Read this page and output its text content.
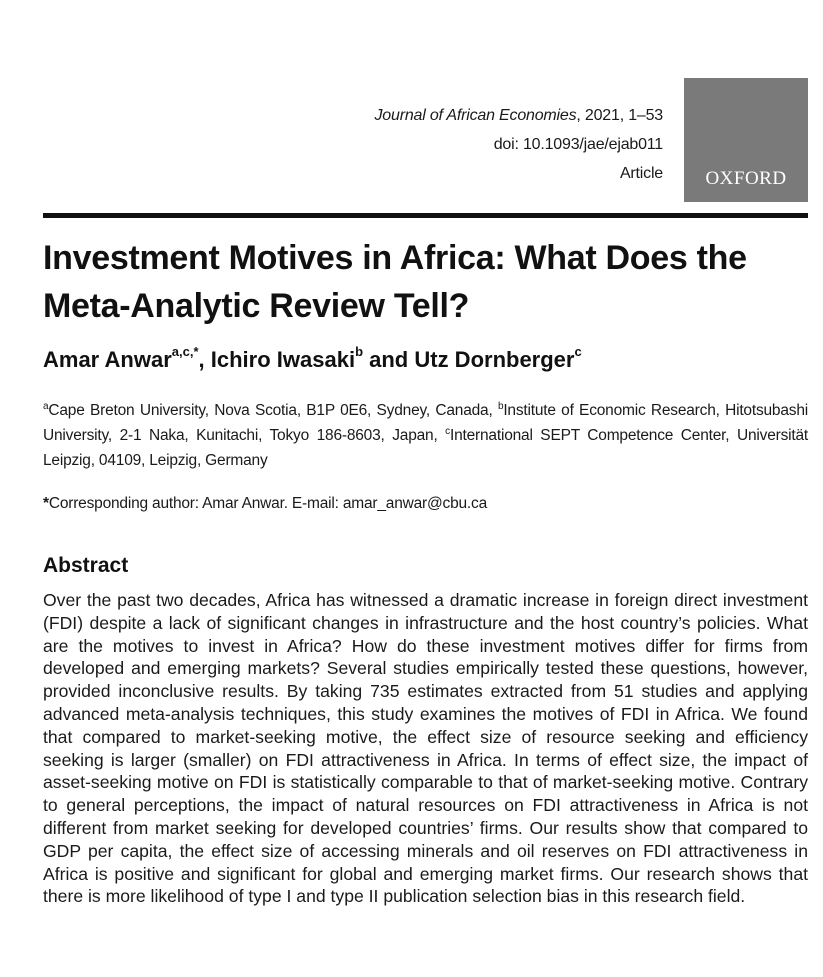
Journal of African Economies, 2021, 1–53
doi: 10.1093/jae/ejab011
Article	OXFORD
Investment Motives in Africa: What Does the Meta-Analytic Review Tell?
Amar Anwar$^{a,c,*}$, Ichiro Iwasaki$^b$ and Utz Dornberger$^c$
$^a$Cape Breton University, Nova Scotia, B1P 0E6, Sydney, Canada, $^b$Institute of Economic Research, Hitotsubashi University, 2-1 Naka, Kunitachi, Tokyo 186-8603, Japan, $^c$International SEPT Competence Center, Universität Leipzig, 04109, Leipzig, Germany
*Corresponding author: Amar Anwar. E-mail: amar_anwar@cbu.ca
Abstract

Over the past two decades, Africa has witnessed a dramatic increase in foreign direct investment (FDI) despite a lack of significant changes in infrastructure and the host country’s policies. What are the motives to invest in Africa? How do these investment motives differ for firms from developed and emerging markets? Several studies empirically tested these questions, however, provided inconclusive results. By taking 735 estimates extracted from 51 studies and applying advanced meta-analysis techniques, this study examines the motives of FDI in Africa. We found that compared to market-seeking motive, the effect size of resource seeking and efficiency seeking is larger (smaller) on FDI attractiveness in Africa. In terms of effect size, the impact of asset-seeking motive on FDI is statistically comparable to that of market-seeking motive. Contrary to general perceptions, the impact of natural resources on FDI attractiveness in Africa is not different from market seeking for developed countries’ firms. Our results show that compared to GDP per capita, the effect size of accessing minerals and oil reserves on FDI attractiveness in Africa is positive and significant for global and emerging market firms. Our research shows that there is more likelihood of type I and type II publication selection bias in this research field.
